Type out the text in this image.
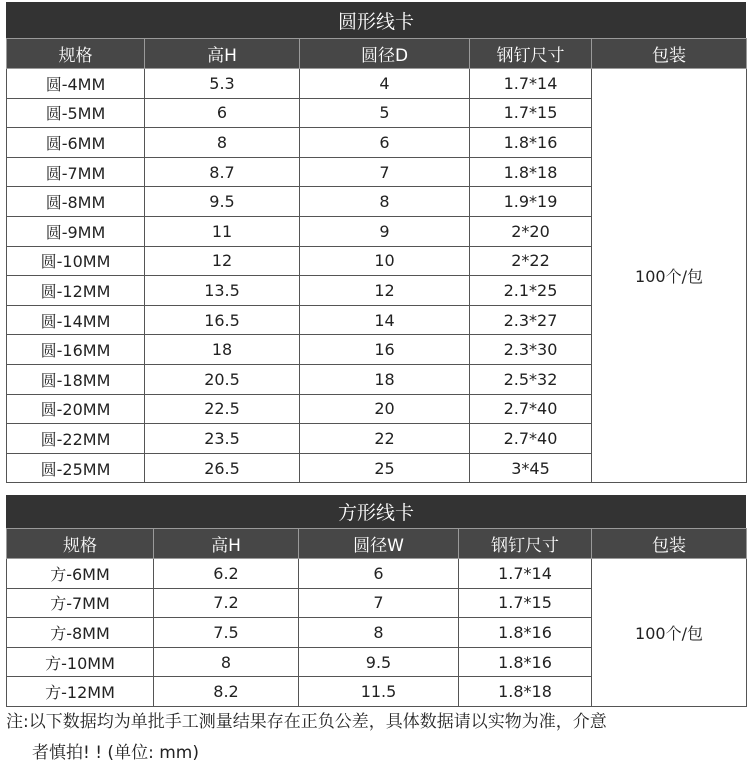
圆形线卡
规格	高H	圆径D	钢钉尺寸	包装
圆-4MM	5.3	4	1.7*14	100个/包
圆-5MM	6	5	1.7*15	
圆-6MM	8	6	1.8*16	
圆-7MM	8.7	7	1.8*18	
圆-8MM	9.5	8	1.9*19	
圆-9MM	11	9	2*20	
圆-10MM	12	10	2*22	
圆-12MM	13.5	12	2.1*25	
圆-14MM	16.5	14	2.3*27	
圆-16MM	18	16	2.3*30	
圆-18MM	20.5	18	2.5*32	
圆-20MM	22.5	20	2.7*40	
圆-22MM	23.5	22	2.7*40	
圆-25MM	26.5	25	3*45	
方形线卡
规格	高H	圆径W	钢钉尺寸	包装
方-6MM	6.2	6	1.7*14	100个/包
方-7MM	7.2	7	1.7*15	
方-8MM	7.5	8	1.8*16	
方-10MM	8	9.5	1.8*16	
方-12MM	8.2	11.5	1.8*18	
注:以下数据均为单批手工测量结果存在正负公差，具体数据请以实物为准，介意
者慎拍! ! (单位: mm)
